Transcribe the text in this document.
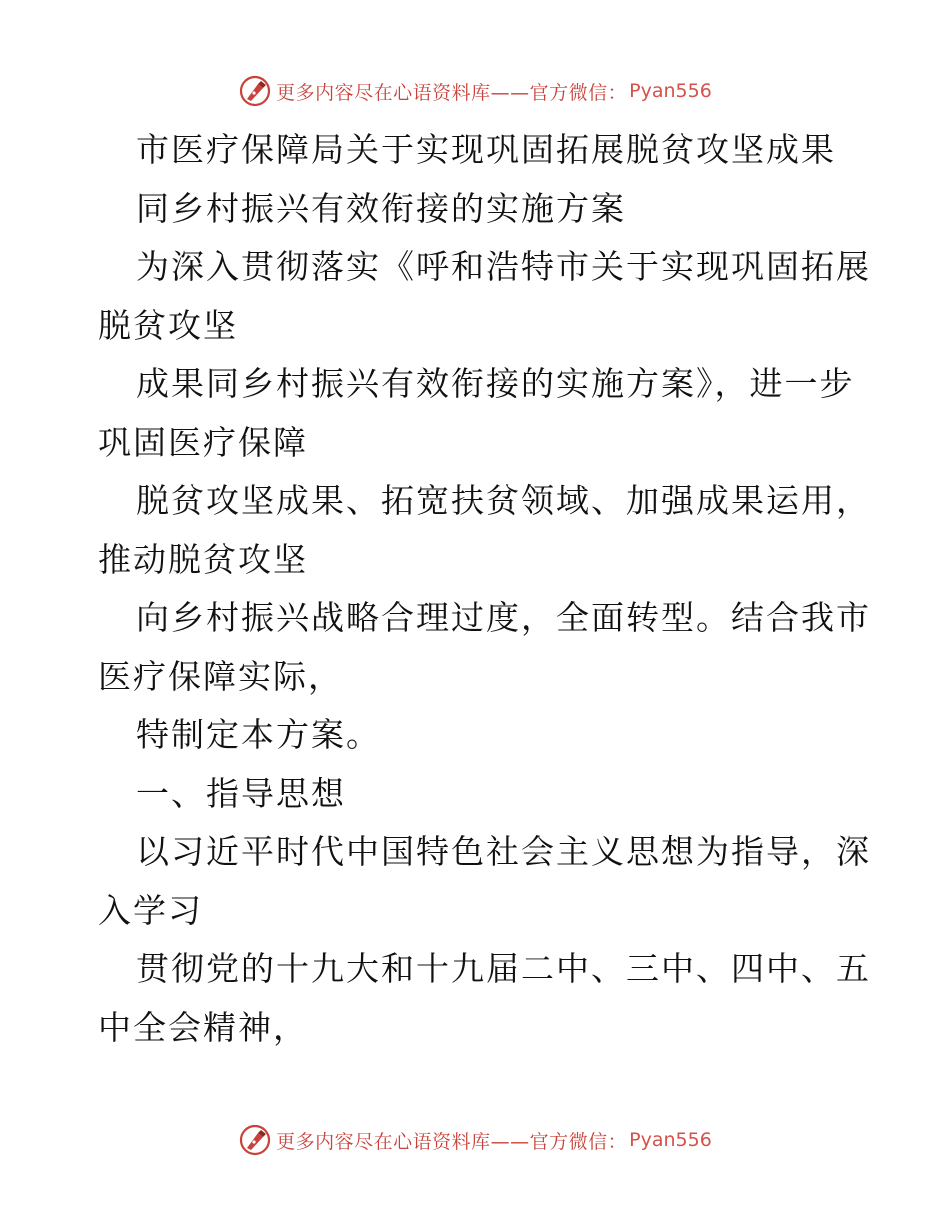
更多内容尽在心语资料库——官方微信： Pyan556
市医疗保障局关于实现巩固拓展脱贫攻坚成果
同乡村振兴有效衔接的实施方案
为深入贯彻落实《呼和浩特市关于实现巩固拓展
脱贫攻坚
成果同乡村振兴有效衔接的实施方案》，进一步
巩固医疗保障
脱贫攻坚成果、拓宽扶贫领域、加强成果运用，
推动脱贫攻坚
向乡村振兴战略合理过度，全面转型。结合我市
医疗保障实际，
特制定本方案。
一、指导思想
以习近平时代中国特色社会主义思想为指导，深
入学习
贯彻党的十九大和十九届二中、三中、四中、五
中全会精神，
更多内容尽在心语资料库——官方微信： Pyan556
